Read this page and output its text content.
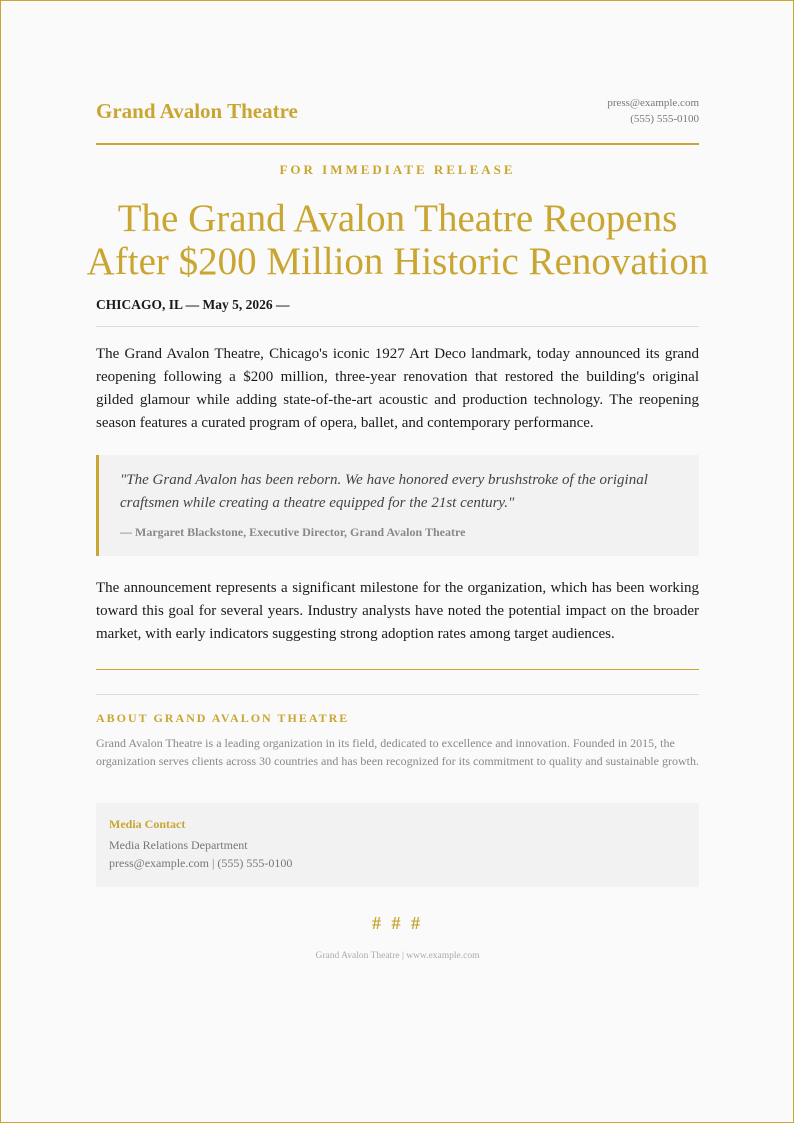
Grand Avalon Theatre	press@example.com
(555) 555-0100
FOR IMMEDIATE RELEASE
The Grand Avalon Theatre Reopens
After $200 Million Historic Renovation
CHICAGO, IL — May 5, 2026 —

The Grand Avalon Theatre, Chicago's iconic 1927 Art Deco landmark, today announced its grand reopening following a $200 million, three-year renovation that restored the building's original gilded glamour while adding state-of-the-art acoustic and production technology. The reopening season features a curated program of opera, ballet, and contemporary performance.

"The Grand Avalon has been reborn. We have honored every brushstroke of the original craftsmen while creating a theatre equipped for the 21st century."
— Margaret Blackstone, Executive Director, Grand Avalon Theatre

The announcement represents a significant milestone for the organization, which has been working toward this goal for several years. Industry analysts have noted the potential impact on the broader market, with early indicators suggesting strong adoption rates among target audiences.

ABOUT GRAND AVALON THEATRE

Grand Avalon Theatre is a leading organization in its field, dedicated to excellence and innovation. Founded in 2015, the organization serves clients across 30 countries and has been recognized for its commitment to quality and sustainable growth.

Media Contact
Media Relations Department
press@example.com | (555) 555-0100
# # #
Grand Avalon Theatre | www.example.com
